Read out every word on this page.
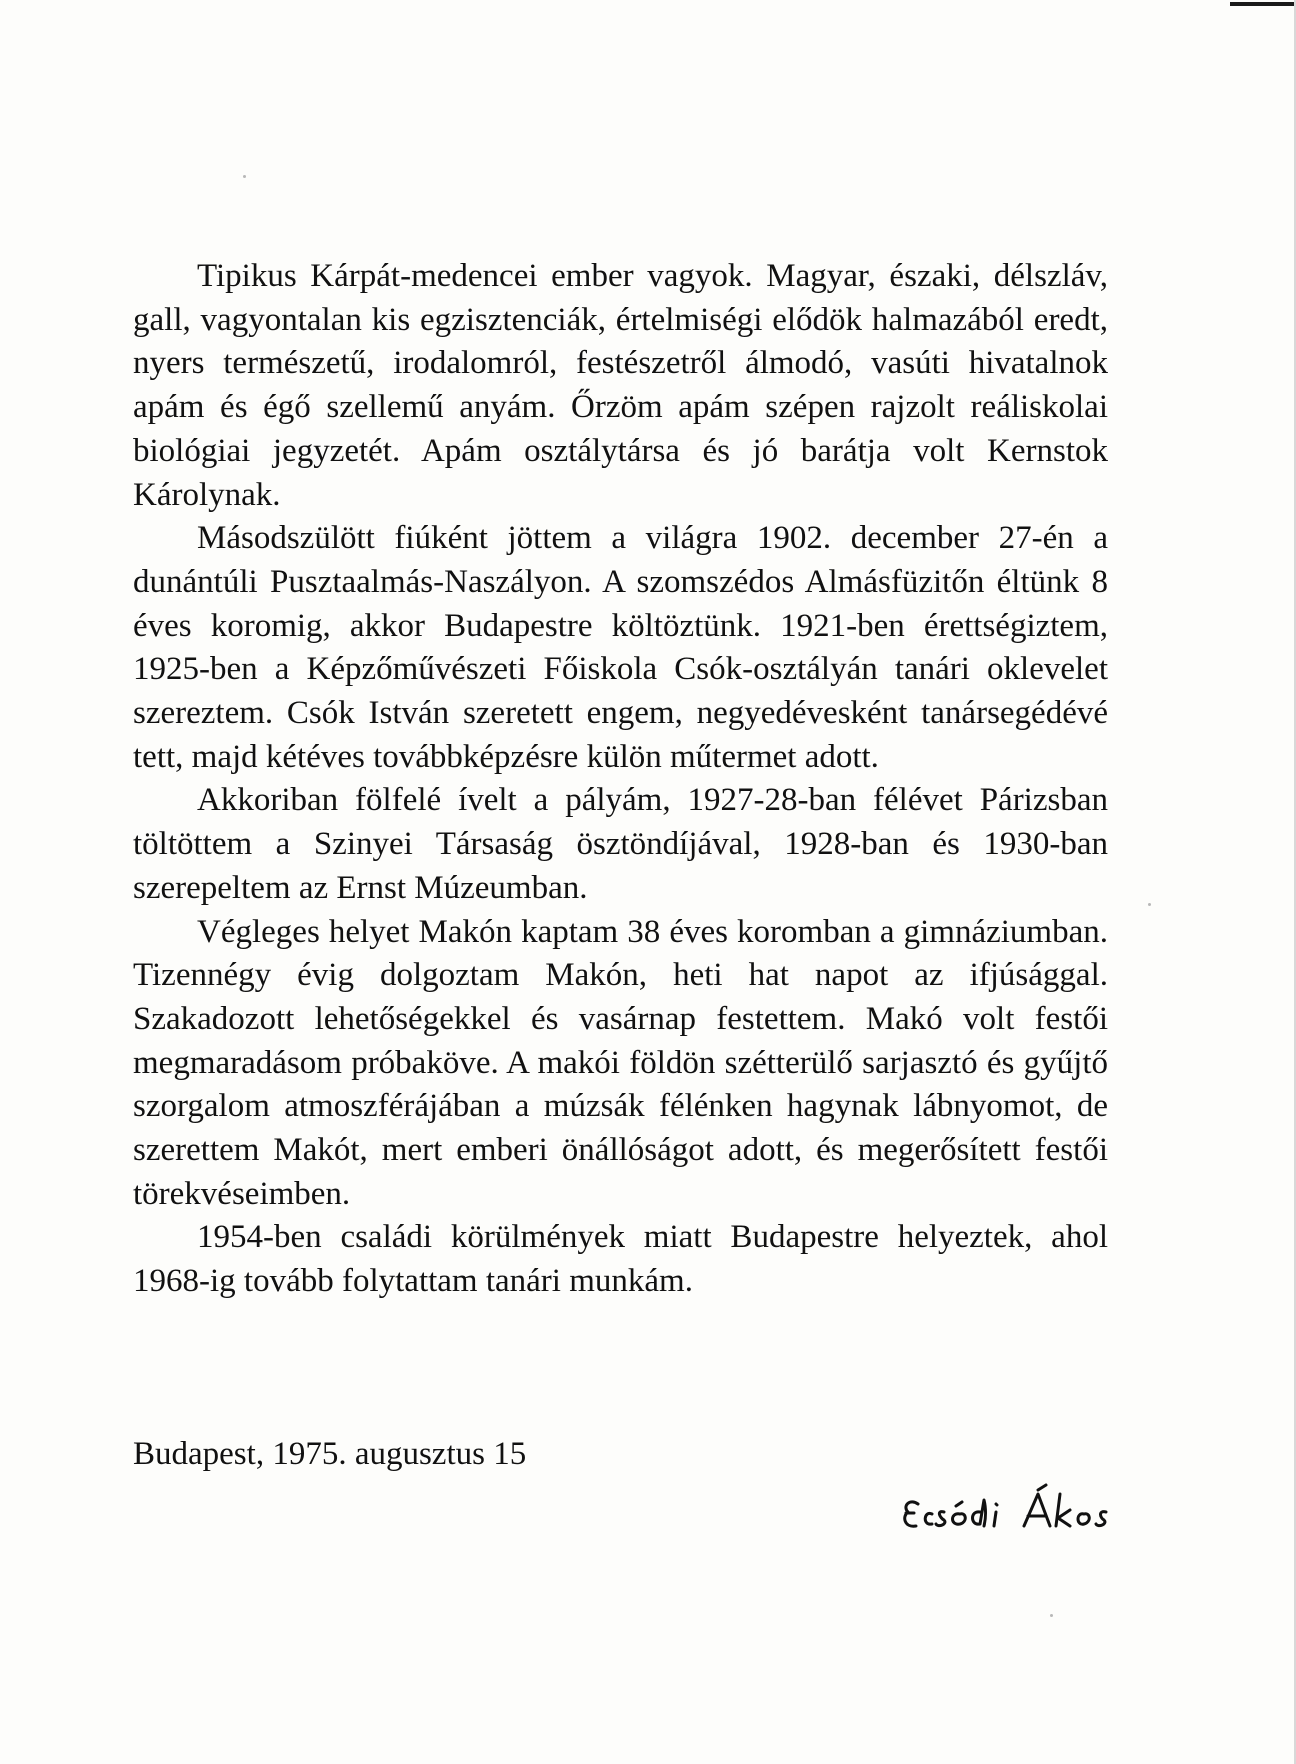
Tipikus Kárpát-medencei ember vagyok. Magyar, északi, délszláv, gall, vagyontalan kis egzisztenciák, értelmiségi elődök halmazából eredt, nyers természetű, irodalomról, festészetről álmodó, vasúti hivatalnok apám és égő szellemű anyám. Őrzöm apám szépen rajzolt reáliskolai biológiai jegyzetét. Apám osztálytársa és jó barátja volt Kernstok Károlynak.

Másodszülött fiúként jöttem a világra 1902. december 27-én a dunántúli Pusztaalmás-Naszályon. A szomszédos Almásfüzitőn éltünk 8 éves koromig, akkor Budapestre költöztünk. 1921-ben érettségiztem, 1925-ben a Képzőművészeti Főiskola Csók-osztályán tanári oklevelet szereztem. Csók István szeretett engem, negyedévesként tanársegédévé tett, majd kétéves továbbképzésre külön műtermet adott.

Akkoriban fölfelé ívelt a pályám, 1927-28-ban félévet Párizsban töltöttem a Szinyei Társaság ösztöndíjával, 1928-ban és 1930-ban szerepeltem az Ernst Múzeumban.

Végleges helyet Makón kaptam 38 éves koromban a gimnáziumban. Tizennégy évig dolgoztam Makón, heti hat napot az ifjúsággal. Szakadozott lehetőségekkel és vasárnap festettem. Makó volt festői megmaradásom próbaköve. A makói földön szétterülő sarjasztó és gyűjtő szorgalom atmoszférájában a múzsák félénken hagynak lábnyomot, de szerettem Makót, mert emberi önállóságot adott, és megerősített festői törekvéseimben.

1954-ben családi körülmények miatt Budapestre helyeztek, ahol 1968-ig tovább folytattam tanári munkám.

Budapest, 1975. augusztus 15
